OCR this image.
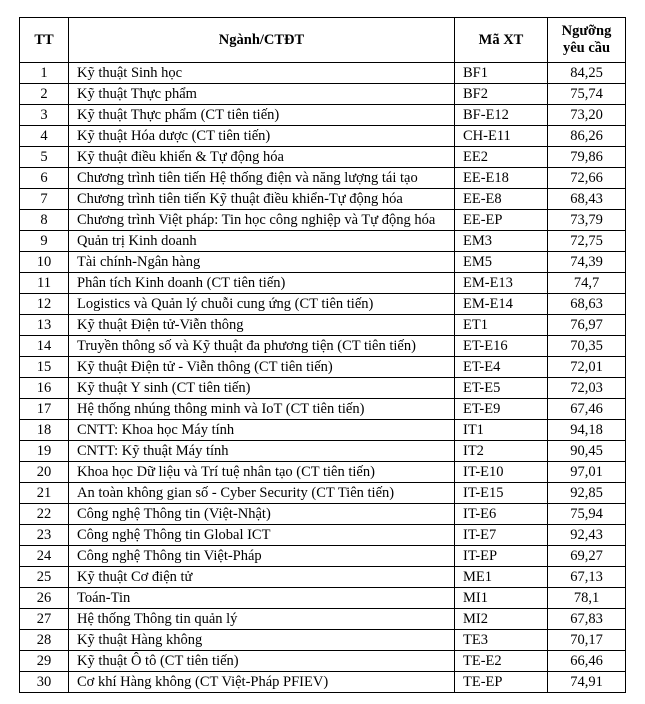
TT	Ngành/CTĐT	Mã XT	Ngưỡng
yêu cầu
1	Kỹ thuật Sinh học	BF1	84,25
2	Kỹ thuật Thực phẩm	BF2	75,74
3	Kỹ thuật Thực phẩm (CT tiên tiến)	BF-E12	73,20
4	Kỹ thuật Hóa dược (CT tiên tiến)	CH-E11	86,26
5	Kỹ thuật điều khiển & Tự động hóa	EE2	79,86
6	Chương trình tiên tiến Hệ thống điện và năng lượng tái tạo	EE-E18	72,66
7	Chương trình tiên tiến Kỹ thuật điều khiển-Tự động hóa	EE-E8	68,43
8	Chương trình Việt pháp: Tin học công nghiệp và Tự động hóa	EE-EP	73,79
9	Quản trị Kinh doanh	EM3	72,75
10	Tài chính-Ngân hàng	EM5	74,39
11	Phân tích Kinh doanh (CT tiên tiến)	EM-E13	74,7
12	Logistics và Quản lý chuỗi cung ứng (CT tiên tiến)	EM-E14	68,63
13	Kỹ thuật Điện tử-Viễn thông	ET1	76,97
14	Truyền thông số và Kỹ thuật đa phương tiện (CT tiên tiến)	ET-E16	70,35
15	Kỹ thuật Điện tử - Viễn thông (CT tiên tiến)	ET-E4	72,01
16	Kỹ thuật Y sinh (CT tiên tiến)	ET-E5	72,03
17	Hệ thống nhúng thông minh và IoT (CT tiên tiến)	ET-E9	67,46
18	CNTT: Khoa học Máy tính	IT1	94,18
19	CNTT: Kỹ thuật Máy tính	IT2	90,45
20	Khoa học Dữ liệu và Trí tuệ nhân tạo (CT tiên tiến)	IT-E10	97,01
21	An toàn không gian số - Cyber Security (CT Tiên tiến)	IT-E15	92,85
22	Công nghệ Thông tin (Việt-Nhật)	IT-E6	75,94
23	Công nghệ Thông tin Global ICT	IT-E7	92,43
24	Công nghệ Thông tin Việt-Pháp	IT-EP	69,27
25	Kỹ thuật Cơ điện tử	ME1	67,13
26	Toán-Tin	MI1	78,1
27	Hệ thống Thông tin quản lý	MI2	67,83
28	Kỹ thuật Hàng không	TE3	70,17
29	Kỹ thuật Ô tô (CT tiên tiến)	TE-E2	66,46
30	Cơ khí Hàng không (CT Việt-Pháp PFIEV)	TE-EP	74,91
